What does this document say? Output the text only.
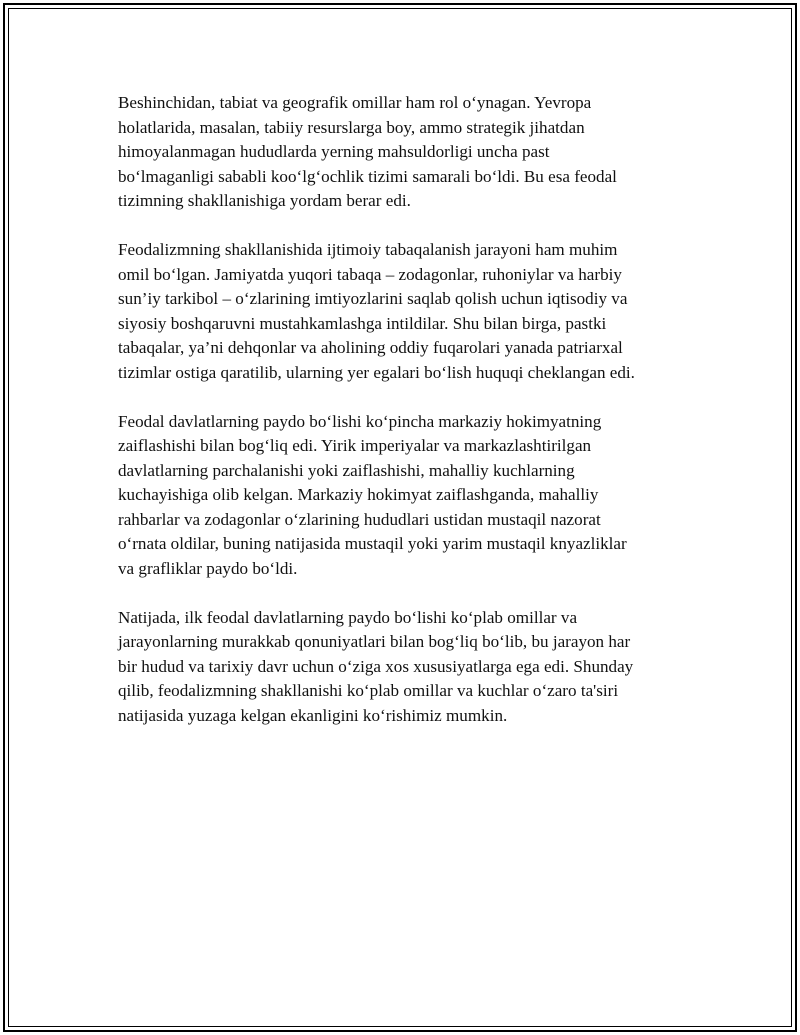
Beshinchidan, tabiat va geografik omillar ham rol oʻynagan. Yevropa
holatlarida, masalan, tabiiy resurslarga boy, ammo strategik jihatdan
himoyalanmagan hududlarda yerning mahsuldorligi uncha past
boʻlmaganligi sababli kooʻlgʻochlik tizimi samarali boʻldi. Bu esa feodal
tizimning shakllanishiga yordam berar edi.

Feodalizmning shakllanishida ijtimoiy tabaqalanish jarayoni ham muhim
omil boʻlgan. Jamiyatda yuqori tabaqa – zodagonlar, ruhoniylar va harbiy
sun’iy tarkibol – oʻzlarining imtiyozlarini saqlab qolish uchun iqtisodiy va
siyosiy boshqaruvni mustahkamlashga intildilar. Shu bilan birga, pastki
tabaqalar, ya’ni dehqonlar va aholining oddiy fuqarolari yanada patriarxal
tizimlar ostiga qaratilib, ularning yer egalari boʻlish huquqi cheklangan edi.

Feodal davlatlarning paydo boʻlishi koʻpincha markaziy hokimyatning
zaiflashishi bilan bogʻliq edi. Yirik imperiyalar va markazlashtirilgan
davlatlarning parchalanishi yoki zaiflashishi, mahalliy kuchlarning
kuchayishiga olib kelgan. Markaziy hokimyat zaiflashganda, mahalliy
rahbarlar va zodagonlar oʻzlarining hududlari ustidan mustaqil nazorat
oʻrnata oldilar, buning natijasida mustaqil yoki yarim mustaqil knyazliklar
va grafliklar paydo boʻldi.

Natijada, ilk feodal davlatlarning paydo boʻlishi koʻplab omillar va
jarayonlarning murakkab qonuniyatlari bilan bogʻliq boʻlib, bu jarayon har
bir hudud va tarixiy davr uchun oʻziga xos xususiyatlarga ega edi. Shunday
qilib, feodalizmning shakllanishi koʻplab omillar va kuchlar oʻzaro ta'siri
natijasida yuzaga kelgan ekanligini koʻrishimiz mumkin.
